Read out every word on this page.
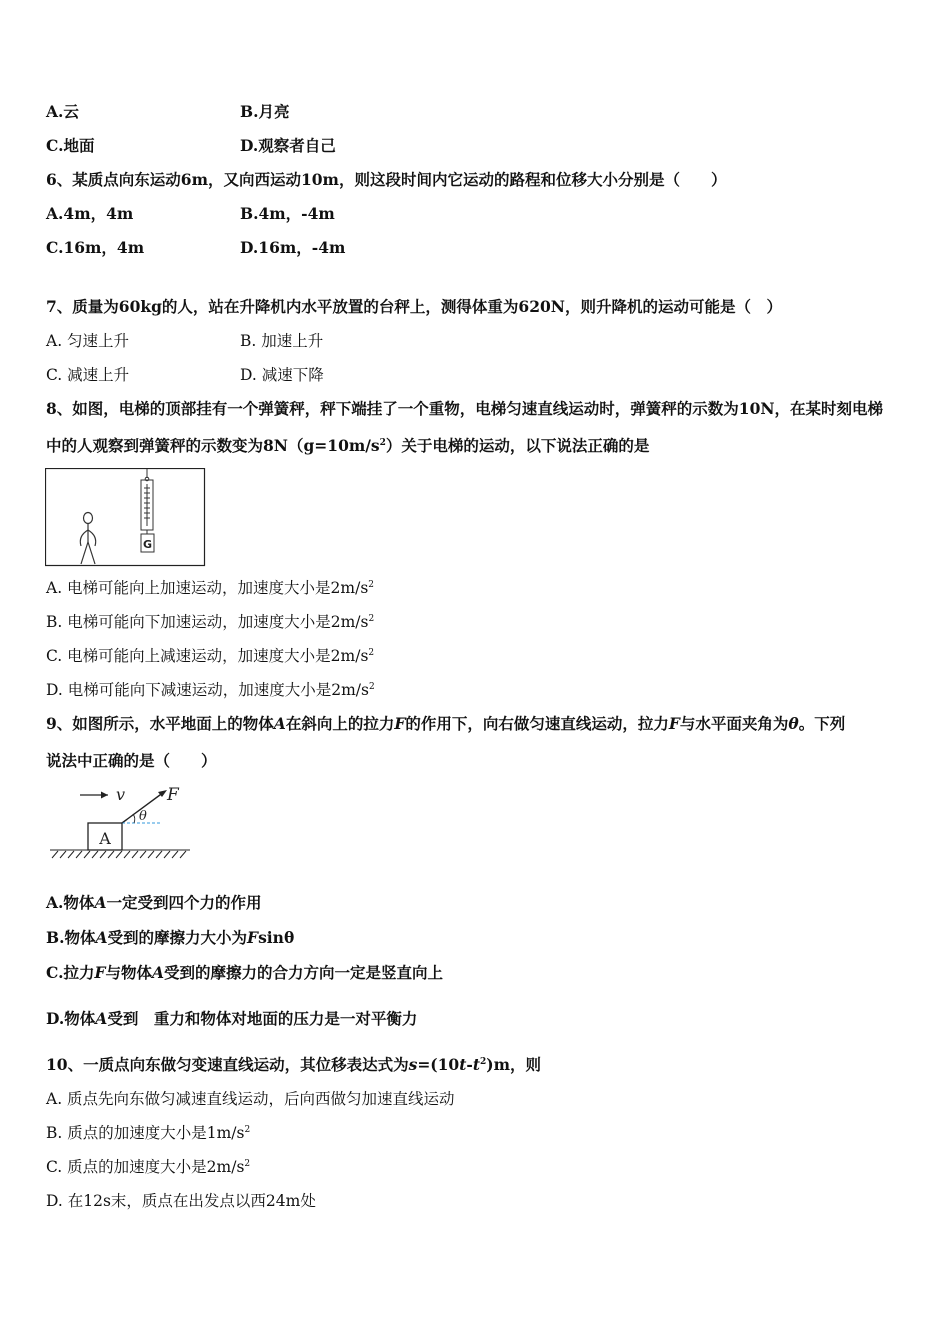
A.云	B.月亮
C.地面	D.观察者自己
6、某质点向东运动6m，又向西运动10m，则这段时间内它运动的路程和位移大小分别是（　　）
A.4m，4m	B.4m，-4m
C.16m，4m	D.16m，-4m
7、质量为60kg的人，站在升降机内水平放置的台秤上，测得体重为620N，则升降机的运动可能是（　）
A. 匀速上升	B. 加速上升
C. 减速上升	D. 减速下降
8、如图，电梯的顶部挂有一个弹簧秤，秤下端挂了一个重物，电梯匀速直线运动时，弹簧秤的示数为10N，在某时刻电梯
中的人观察到弹簧秤的示数变为$8N(g=10m/s^2)$关于电梯的运动，以下说法正确的是
G
A. 电梯可能向上加速运动，加速度大小是$2m/s^2$
B. 电梯可能向下加速运动，加速度大小是$2m/s^2$
C. 电梯可能向上减速运动，加速度大小是$2m/s^2$
D. 电梯可能向下减速运动，加速度大小是$2m/s^2$
9、如图所示，水平地面上的物体A在斜向上的拉力F的作用下，向右做匀速直线运动，拉力F与水平面夹角为θ。下列
说法中正确的是（　　）
v F
θ
A
A.物体A一定受到四个力的作用
B.物体A受到的摩擦力大小为Fsinθ
C.拉力F与物体A受到的摩擦力的合力方向一定是竖直向上
D.物体A受到　重力和物体对地面的压力是一对平衡力
10、一质点向东做匀变速直线运动，其位移表达式为$s=(10t-t^2)m$，则
A. 质点先向东做匀减速直线运动，后向西做匀加速直线运动
B. 质点的加速度大小是$1m/s^2$
C. 质点的加速度大小是$2m/s^2$
D. 在12s末，质点在出发点以西24m处
